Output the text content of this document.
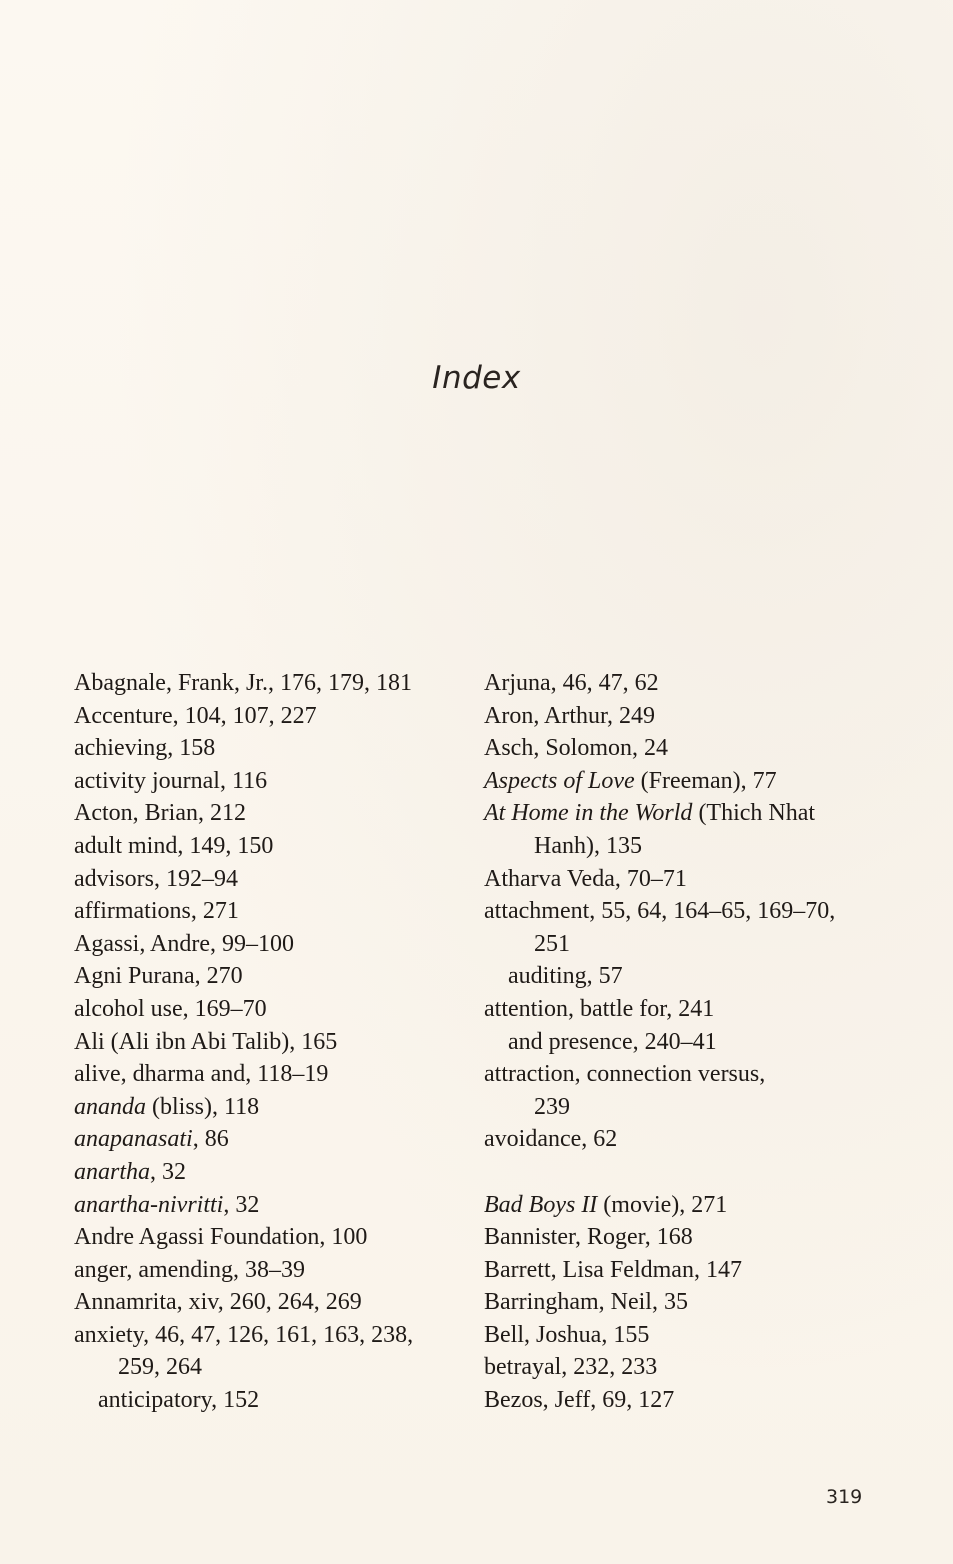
Index
Abagnale, Frank, Jr., 176, 179, 181
Accenture, 104, 107, 227
achieving, 158
activity journal, 116
Acton, Brian, 212
adult mind, 149, 150
advisors, 192–94
affirmations, 271
Agassi, Andre, 99–100
Agni Purana, 270
alcohol use, 169–70
Ali (Ali ibn Abi Talib), 165
alive, dharma and, 118–19
ananda (bliss), 118
anapanasati, 86
anartha, 32
anartha-nivritti, 32
Andre Agassi Foundation, 100
anger, amending, 38–39
Annamrita, xiv, 260, 264, 269
anxiety, 46, 47, 126, 161, 163, 238,
259, 264
anticipatory, 152
Arjuna, 46, 47, 62
Aron, Arthur, 249
Asch, Solomon, 24
Aspects of Love (Freeman), 77
At Home in the World (Thich Nhat
Hanh), 135
Atharva Veda, 70–71
attachment, 55, 64, 164–65, 169–70,
251
auditing, 57
attention, battle for, 241
and presence, 240–41
attraction, connection versus,
239
avoidance, 62
Bad Boys II (movie), 271
Bannister, Roger, 168
Barrett, Lisa Feldman, 147
Barringham, Neil, 35
Bell, Joshua, 155
betrayal, 232, 233
Bezos, Jeff, 69, 127
319
